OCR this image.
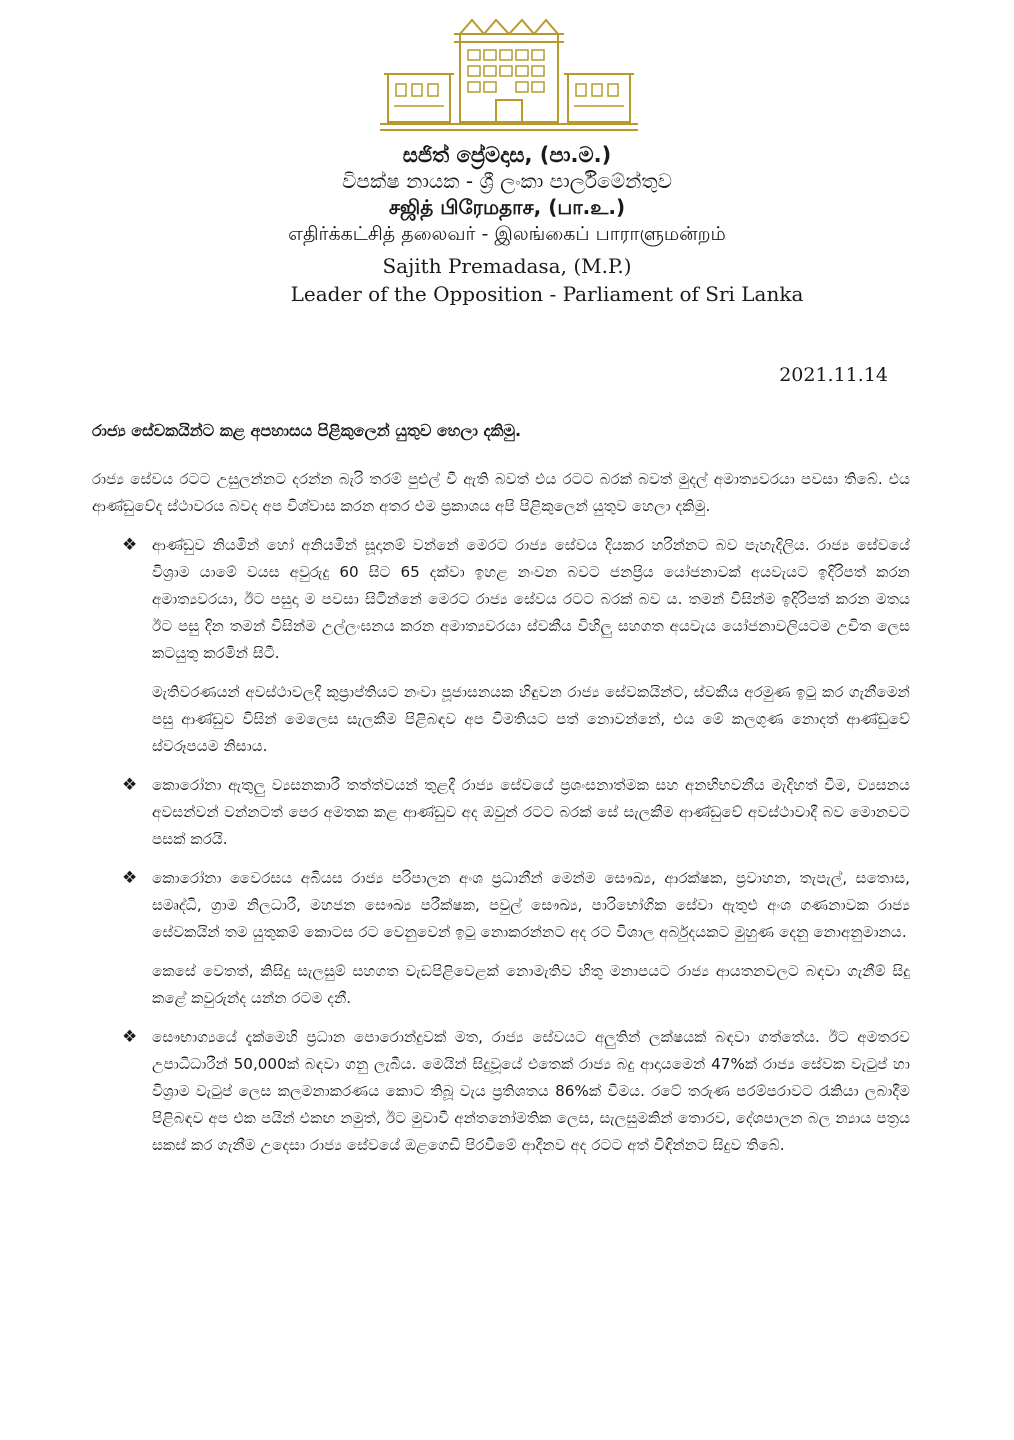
සජිත් ප්‍රේමදාස, (පා.ම.)
විපක්ෂ නායක - ශ්‍රී ලංකා පාර්ලිමේන්තුව
சஜித் பிரேமதாச, (பா.உ.)
எதிர்க்கட்சித் தலைவர் - இலங்கைப் பாராளுமன்றம்
Sajith Premadasa, (M.P.)
Leader of the Opposition - Parliament of Sri Lanka
2021.11.14

රාජ්‍ය සේවකයින්ට කළ අපහාසය පිළිකුලෙන් යුතුව හෙලා දකිමු.

රාජ්‍ය සේවය රටට උසුලන්නට දරන්න බැරි තරම් පුළුල් වී ඇති බවත් එය රටට බරක් බවත් මුදල් අමාත්‍යවරයා පවසා තිබේ. එය ආණ්ඩුවේද ස්ථාවරය බවද අප විශ්වාස කරන අතර එම ප්‍රකාශය අපි පිළිකුලෙන් යුතුව හෙලා දකිමු.

❖ ආණ්ඩුව නියමින් හෝ අනියමින් සූදානම් වන්නේ මෙරට රාජ්‍ය සේවය දියකර හරින්නට බව පැහැදිලිය. රාජ්‍ය සේවයේ විශ්‍රාම යාමේ වයස අවුරුදු 60 සිට 65 දක්වා ඉහළ නංවන බවට ජනප්‍රිය යෝජනාවක් අයවැයට ඉදිරිපත් කරන අමාත්‍යවරයා, ඊට පසුදා ම පවසා සිටින්නේ මෙරට රාජ්‍ය සේවය රටට බරක් බව ය. තමන් විසින්ම ඉදිරිපත් කරන මතය ඊට පසු දින තමන් විසින්ම උල්ලංඝනය කරන අමාත්‍යවරයා ස්වකීය විහිලු සහගත අයවැය යෝජනාවලියටම උචිත ලෙස කටයුතු කරමින් සිටී.

මැතිවරණයන් අවස්ථාවලදී කුප්‍රාප්තියට නංවා පූජාසනයක හිඳුවන රාජ්‍ය සේවකයින්ට, ස්වකීය අරමුණ ඉටු කර ගැනීමෙන් පසු ආණ්ඩුව විසින් මෙලෙස සැලකීම පිළිබඳව අප විමතියට පත් නොවන්නේ, එය මේ කලගුණ නොදත් ආණ්ඩුවේ ස්වරූපයම නිසාය.

❖ කොරෝනා ඇතුලු ව්‍යසනකාරී තත්ත්වයන් තුළදී රාජ්‍ය සේවයේ ප්‍රශංසනාත්මක සහ අනභිභවනීය මැදිහත් වීම, ව්‍යසනය අවසන්වන් වන්නටත් පෙර අමතක කළ ආණ්ඩුව අද ඔවුන් රටට බරක් සේ සැලකීම ආණ්ඩුවේ අවස්ථාවාදී බව මොනවට පසක් කරයි.

❖ කොරෝනා වෛරසය අබියස රාජ්‍ය පරිපාලන අංශ ප්‍රධානීන් මෙන්ම සෞඛ්‍ය, ආරක්ෂක, ප්‍රවාහන, තැපැල්, සතොස, සමෘද්ධි, ග්‍රාම නිලධාරී, මහජන සෞඛ්‍ය පරීක්ෂක, පවුල් සෞඛ්‍ය, පාරිභෝගික සේවා ඇතුළු අංශ ගණනාවක රාජ්‍ය සේවකයින් තම යුතුකම් කොටස රට වෙනුවෙන් ඉටු නොකරන්නට අද රට විශාල අර්බුදයකට මුහුණ දෙනු නොඅනුමානය.

කෙසේ වෙතත්, කිසිදු සැලසුම් සහගත වැඩපිළිවෙළක් නොමැතිව හිතු මනාපයට රාජ්‍ය ආයතනවලට බඳවා ගැනීම් සිදු කළේ කවුරුන්ද යන්න රටම දනී.

❖ සෞභාග්‍යයේ දැක්මෙහි ප්‍රධාන පොරොන්දුවක් මත, රාජ්‍ය සේවයට අලුතින් ලක්ෂයක් බඳවා ගත්තේය. ඊට අමතරව උපාධිධාරීන් 50,000ක් බඳවා ගනු ලැබීය. මෙයින් සිදුවූයේ එතෙක් රාජ්‍ය බදු ආදායමෙන් 47%ක් රාජ්‍ය සේවක වැටුප් හා විශ්‍රාම වැටුප් ලෙස කලමනාකරණය කොට තිබූ වැය ප්‍රතිශතය 86%ක් වීමය. රටේ තරුණ පරම්පරාවට රැකියා ලබාදීම පිළිබඳව අප එක පයින් එකඟ නමුත්, ඊට මුවාවී අන්තනෝමතික ලෙස, සැලසුමකින් තොරව, දේශපාලන බල න්‍යාය පත්‍රය සකස් කර ගැනීම උදෙසා රාජ්‍ය සේවයේ ඔළගෙඩි පිරවීමේ ආදීනව අද රටට අත් විඳින්නට සිදුව තිබේ.
